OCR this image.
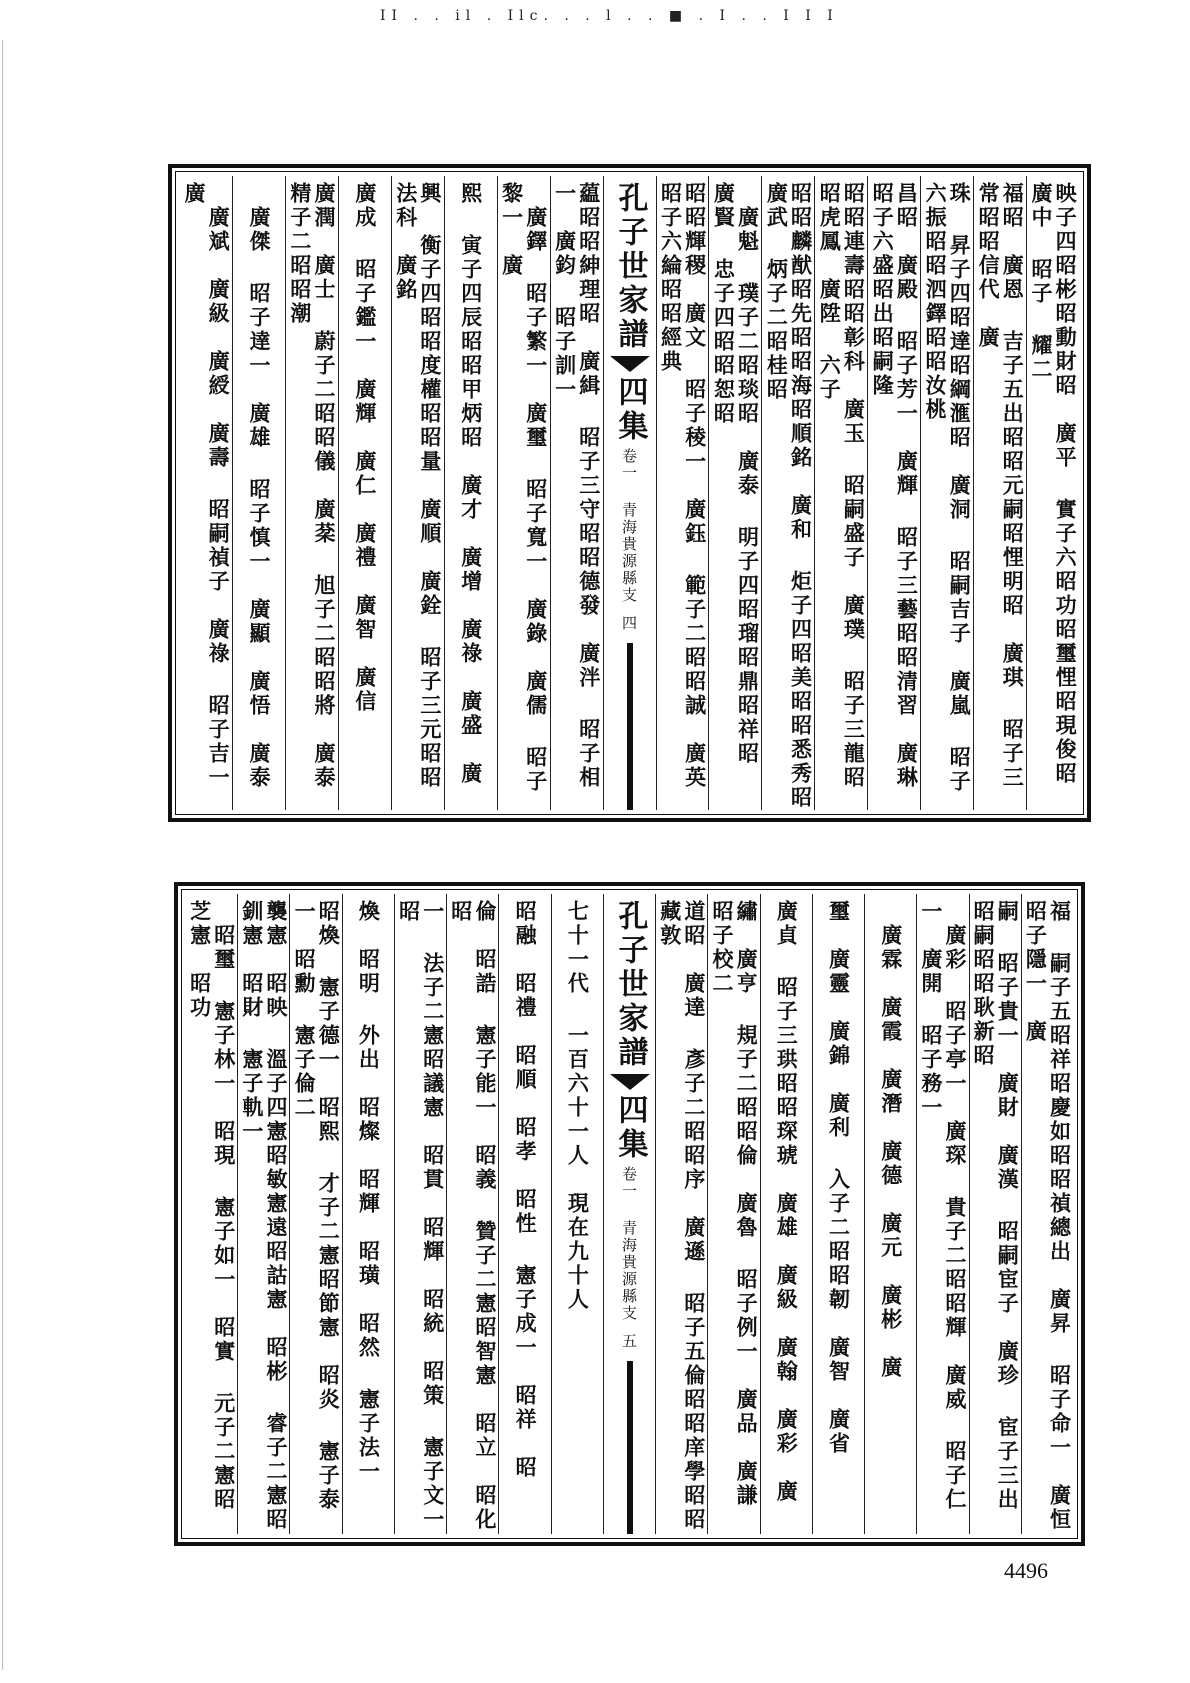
II . . il . Ilc. . . l . . ■ . I . . I I I
映子四昭彬昭動財昭　廣平 實子六昭功昭璽悝昭現俊昭　廣中 昭子 耀二
福昭　廣恩 吉子五出昭昭元嗣昭悝明昭　廣琪 昭子三常昭昭信代　廣
珠 昇子四昭達昭綱滙昭　廣洞 昭嗣吉子　廣嵐 昭子六振昭昭泗鐸昭昭汝桃
昌昭　廣殿 昭子芳一　廣輝 昭子三藝昭昭清習　廣琳 昭子六盛昭出昭嗣隆
昭昭連壽昭昭彰科　廣玉 昭嗣盛子　廣璞 昭子三龍昭昭虎鳳　廣陞 六子
昭昭麟猷昭先昭昭海昭順銘　廣和 炬子四昭美昭昭悉秀昭　廣武 炳子二昭桂昭
　廣魁 璞子二昭琰昭　廣泰 明子四昭瑠昭鼎昭祥昭　廣賢 忠子四昭昭恕昭
昭昭輝稷　廣文 昭子稜一　廣鈺 範子二昭昭誠　廣英 昭子六綸昭昭經典
孔子世家譜
四集
卷一 青海貴源縣支
四
藴昭昭紳理昭　廣緝 昭子三守昭昭德發　廣泮 昭子相一　廣鈞 昭子訓一
　廣鐸 昭子繁一　廣璽 昭子寬一　廣錄　廣儒 昭子黎一　廣
熙 寅子四辰昭昭甲炳昭　廣才　廣增　廣祿　廣盛　廣
興 衡子四昭昭度權昭昭量　廣順　廣銓 昭子三元昭昭法科　廣銘
廣成 昭子鑑一　廣輝　廣仁　廣禮　廣智　廣信
廣潤　廣士 蔚子二昭昭儀　廣棻 旭子二昭昭將　廣泰 精子二昭昭潮
　廣傑 昭子達一　廣雄 昭子慎一　廣顯　廣悟　廣泰
　廣斌　廣級　廣綬　廣壽 昭嗣禎子　廣祿 昭子吉一　廣
福 嗣子五昭祥昭慶如昭昭禎總出　廣昇 昭子命一　廣恒 昭子隱一　廣
嗣 昭子貴一　廣財　廣漢 昭嗣宦子　廣珍 宦子三出昭嗣昭昭耿新昭
　廣彩 昭子亭一　廣琛 貴子二昭昭輝　廣威 昭子仁一　廣開 昭子務一
　廣霖　廣霞　廣潛　廣德　廣元　廣彬　廣
璽　廣靈　廣錦　廣利 入子二昭昭韌　廣智　廣省
廣貞 昭子三珙昭昭琛琥　廣雄　廣級　廣翰　廣彩　廣
繡　廣亨 規子二昭昭倫　廣魯 昭子例一　廣品　廣謙 昭子校二
道昭　廣達 彥子二昭昭序　廣遜 昭子五倫昭昭庠學昭昭藏敦
孔子世家譜
四集
卷一 青海貴源縣支
五
七十一代 一百六十一人　現在九十人
昭融　昭禮　昭順　昭孝　昭性 憲子成一　昭祥　昭
倫　昭誥 憲子能一　昭義 贊子二憲昭智憲　昭立　昭化　昭
一 法子二憲昭議憲　昭貫　昭輝　昭統　昭策 憲子文一　昭
煥　昭明 外出　昭燦　昭輝　昭璜　昭然 憲子法一
昭煥 憲子德一　昭熙 才子二憲昭節憲　昭炎 憲子泰一　昭勳 憲子倫二
襲憲　昭映 溫子四憲昭敏憲遠昭詁憲　昭彬 睿子二憲昭釧憲　昭財 憲子軌一
　昭璽 憲子林一　昭現 憲子如一　昭實 元子二憲昭芝憲　昭功
4496
